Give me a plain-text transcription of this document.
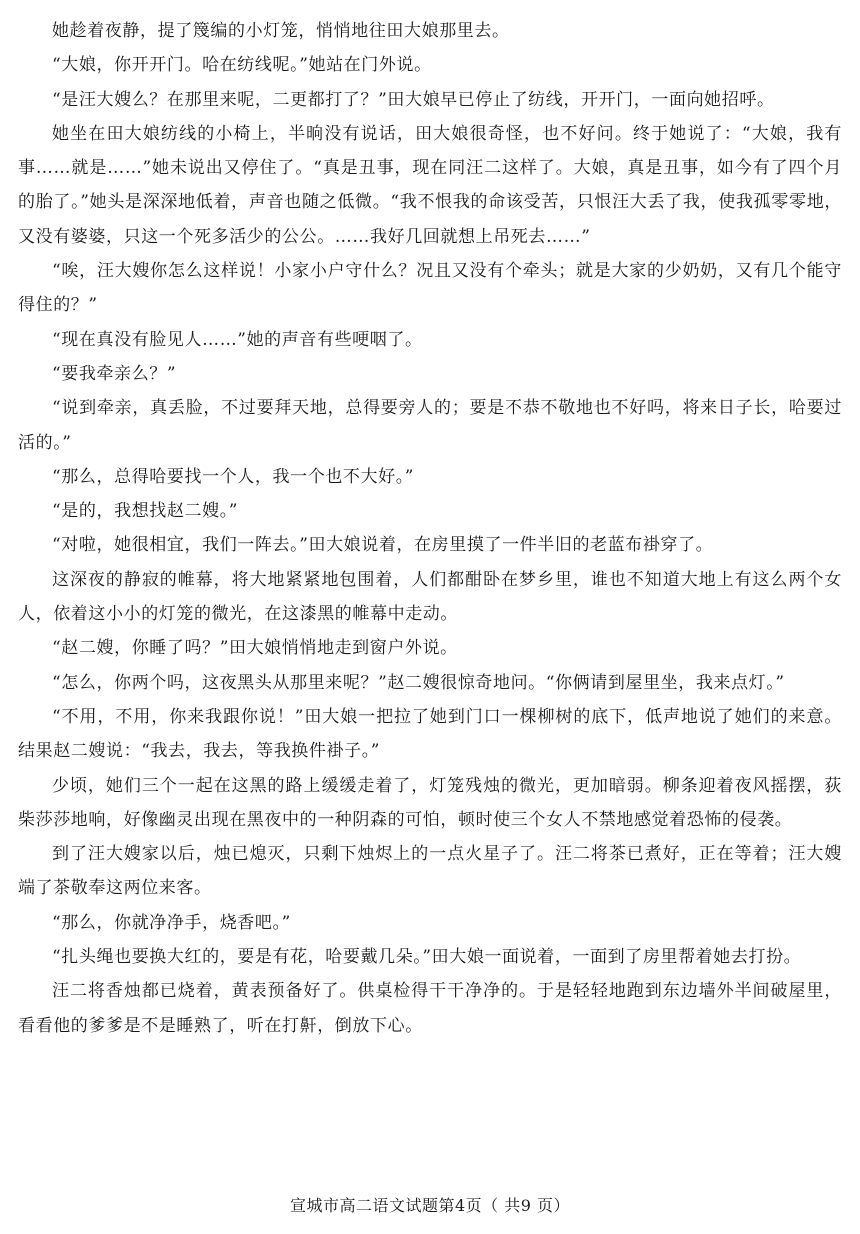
她趁着夜静，提了篾编的小灯笼，悄悄地往田大娘那里去。

“大娘，你开开门。哈在纺线呢。”她站在门外说。

“是汪大嫂么？在那里来呢，二更都打了？”田大娘早已停止了纺线，开开门，一面向她招呼。

她坐在田大娘纺线的小椅上，半晌没有说话，田大娘很奇怪，也不好问。终于她说了：“大娘，我有事……就是……”她未说出又停住了。“真是丑事，现在同汪二这样了。大娘，真是丑事，如今有了四个月的胎了。”她头是深深地低着，声音也随之低微。“我不恨我的命该受苦，只恨汪大丢了我，使我孤零零地，又没有婆婆，只这一个死多活少的公公。……我好几回就想上吊死去……”

“唉，汪大嫂你怎么这样说！小家小户守什么？况且又没有个牵头；就是大家的少奶奶，又有几个能守得住的？”

“现在真没有脸见人……”她的声音有些哽咽了。

“要我牵亲么？”

“说到牵亲，真丢脸，不过要拜天地，总得要旁人的；要是不恭不敬地也不好吗，将来日子长，哈要过活的。”

“那么，总得哈要找一个人，我一个也不大好。”

“是的，我想找赵二嫂。”

“对啦，她很相宜，我们一阵去。”田大娘说着，在房里摸了一件半旧的老蓝布褂穿了。

这深夜的静寂的帷幕，将大地紧紧地包围着，人们都酣卧在梦乡里，谁也不知道大地上有这么两个女人，依着这小小的灯笼的微光，在这漆黑的帷幕中走动。

“赵二嫂，你睡了吗？”田大娘悄悄地走到窗户外说。

“怎么，你两个吗，这夜黑头从那里来呢？”赵二嫂很惊奇地问。“你俩请到屋里坐，我来点灯。”

“不用，不用，你来我跟你说！”田大娘一把拉了她到门口一棵柳树的底下，低声地说了她们的来意。结果赵二嫂说：“我去，我去，等我换件褂子。”

少顷，她们三个一起在这黑的路上缓缓走着了，灯笼残烛的微光，更加暗弱。柳条迎着夜风摇摆，荻柴莎莎地响，好像幽灵出现在黑夜中的一种阴森的可怕，顿时使三个女人不禁地感觉着恐怖的侵袭。

到了汪大嫂家以后，烛已熄灭，只剩下烛烬上的一点火星子了。汪二将茶已煮好，正在等着；汪大嫂端了茶敬奉这两位来客。

“那么，你就净净手，烧香吧。”

“扎头绳也要换大红的，要是有花，哈要戴几朵。”田大娘一面说着，一面到了房里帮着她去打扮。

汪二将香烛都已烧着，黄表预备好了。供桌检得干干净净的。于是轻轻地跑到东边墙外半间破屋里，看看他的爹爹是不是睡熟了，听在打鼾，倒放下心。

宣城市高二语文试题第4页（ 共9 页）
